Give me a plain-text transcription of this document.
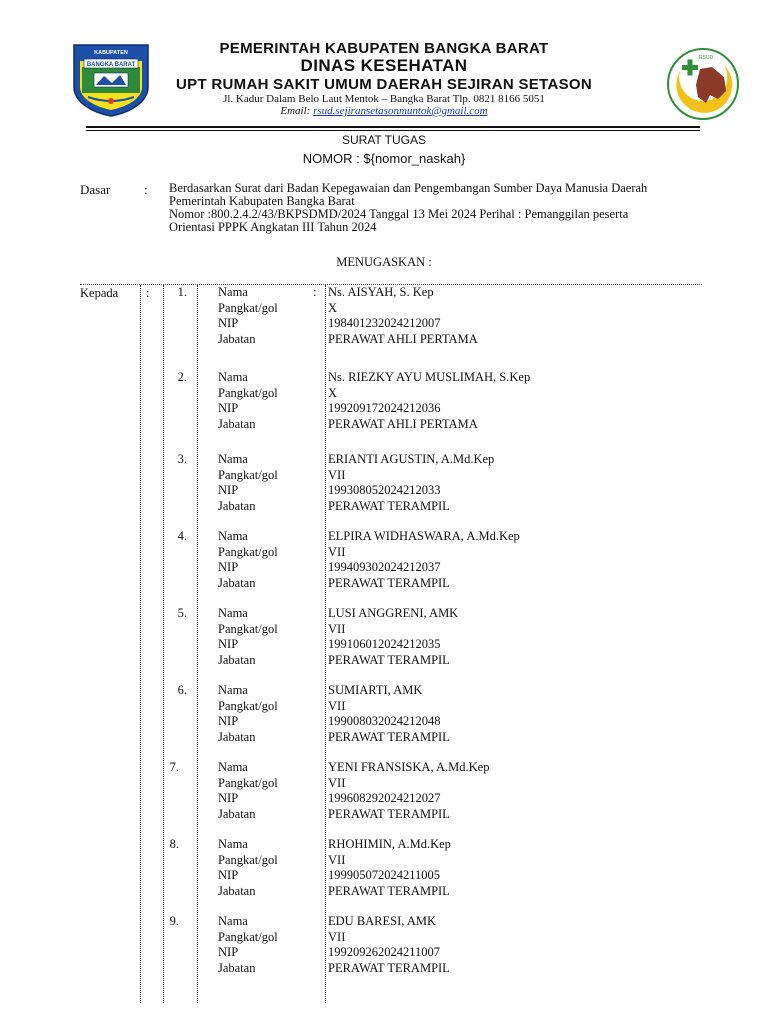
BANGKA BARAT
KABUPATEN
RSUD
PEMERINTAH KABUPATEN BANGKA BARAT
DINAS KESEHATAN
UPT RUMAH SAKIT UMUM DAERAH SEJIRAN SETASON
Jl. Kadur Dalam Belo Laut Mentok – Bangka Barat Tlp. 0821 8166 5051
Email: rsud.sejiransetasonmuntok@gmail.com
SURAT TUGAS
NOMOR : ${nomor_naskah}
Dasar	: Berdasarkan Surat dari Badan Kepegawaian dan Pengembangan Sumber Daya Manusia Daerah
Pemerintah Kabupaten Bangka Barat
Nomor :800.2.4.2/43/BKPSDMD/2024 Tanggal 13 Mei 2024 Perihal : Pemanggilan peserta
Orientasi PPPK Angkatan III Tahun 2024
MENUGASKAN :
Kepada :	1. Nama	Ns. AISYAH, S. Kep
Pangkat/gol	X
NIP	198401232024212007
Jabatan	PERAWAT AHLI PERTAMA
:
2. Nama	Ns. RIEZKY AYU MUSLIMAH, S.Kep
Pangkat/gol	X
NIP	199209172024212036
Jabatan	PERAWAT AHLI PERTAMA
3. Nama	ERIANTI AGUSTIN, A.Md.Kep
Pangkat/gol	VII
NIP	199308052024212033
Jabatan	PERAWAT TERAMPIL
4. Nama	ELPIRA WIDHASWARA, A.Md.Kep
Pangkat/gol	VII
NIP	199409302024212037
Jabatan	PERAWAT TERAMPIL
5. Nama	LUSI ANGGRENI, AMK
Pangkat/gol	VII
NIP	199106012024212035
Jabatan	PERAWAT TERAMPIL
6. Nama	SUMIARTI, AMK
Pangkat/gol	VII
NIP	199008032024212048
Jabatan	PERAWAT TERAMPIL
7.	Nama	YENI FRANSISKA, A.Md.Kep
Pangkat/gol	VII
NIP	199608292024212027
Jabatan	PERAWAT TERAMPIL
8.	Nama	RHOHIMIN, A.Md.Kep
Pangkat/gol	VII
NIP	199905072024211005
Jabatan	PERAWAT TERAMPIL
9.	Nama	EDU BARESI, AMK
Pangkat/gol	VII
NIP	199209262024211007
Jabatan	PERAWAT TERAMPIL
